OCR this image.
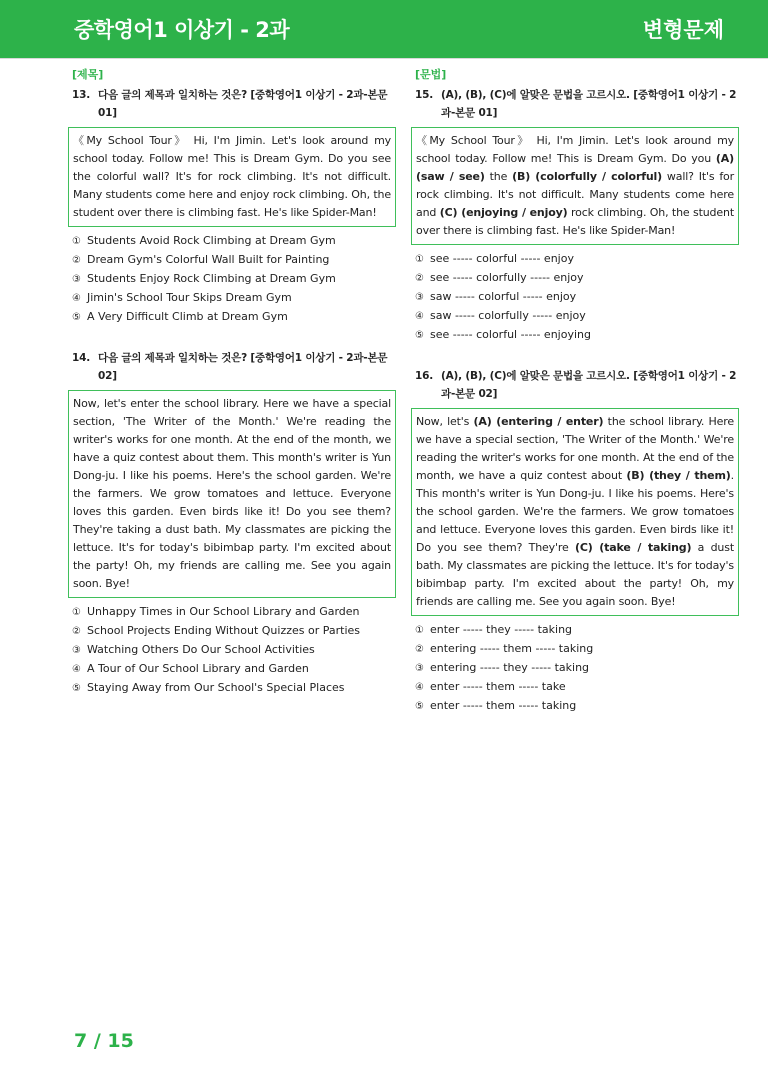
중학영어1 이상기 - 2과	변형문제
[제목]
13. 다음 글의 제목과 일치하는 것은? [중학영어1 이상기 - 2과-본문 01]
《My School Tour》 Hi, I'm Jimin. Let's look around my school today. Follow me! This is Dream Gym. Do you see the colorful wall? It's for rock climbing. It's not difficult. Many students come here and enjoy rock climbing. Oh, the student over there is climbing fast. He's like Spider-Man!
① Students Avoid Rock Climbing at Dream Gym
② Dream Gym's Colorful Wall Built for Painting
③ Students Enjoy Rock Climbing at Dream Gym
④ Jimin's School Tour Skips Dream Gym
⑤ A Very Difficult Climb at Dream Gym
14. 다음 글의 제목과 일치하는 것은? [중학영어1 이상기 - 2과-본문 02]
Now, let's enter the school library. Here we have a special section, 'The Writer of the Month.' We're reading the writer's works for one month. At the end of the month, we have a quiz contest about them. This month's writer is Yun Dong-ju. I like his poems. Here's the school garden. We're the farmers. We grow tomatoes and lettuce. Everyone loves this garden. Even birds like it! Do you see them? They're taking a dust bath. My classmates are picking the lettuce. It's for today's bibimbap party. I'm excited about the party! Oh, my friends are calling me. See you again soon. Bye!
① Unhappy Times in Our School Library and Garden
② School Projects Ending Without Quizzes or Parties
③ Watching Others Do Our School Activities
④ A Tour of Our School Library and Garden
⑤ Staying Away from Our School's Special Places
[문법]
15. (A), (B), (C)에 알맞은 문법을 고르시오. [중학영어1 이상기 - 2과-본문 01]
《My School Tour》 Hi, I'm Jimin. Let's look around my school today. Follow me! This is Dream Gym. Do you (A) (saw / see) the (B) (colorfully / colorful) wall? It's for rock climbing. It's not difficult. Many students come here and (C) (enjoying / enjoy) rock climbing. Oh, the student over there is climbing fast. He's like Spider-Man!
① see ----- colorful ----- enjoy
② see ----- colorfully ----- enjoy
③ saw ----- colorful ----- enjoy
④ saw ----- colorfully ----- enjoy
⑤ see ----- colorful ----- enjoying
16. (A), (B), (C)에 알맞은 문법을 고르시오. [중학영어1 이상기 - 2과-본문 02]
Now, let's (A) (entering / enter) the school library. Here we have a special section, 'The Writer of the Month.' We're reading the writer's works for one month. At the end of the month, we have a quiz contest about (B) (they / them). This month's writer is Yun Dong-ju. I like his poems. Here's the school garden. We're the farmers. We grow tomatoes and lettuce. Everyone loves this garden. Even birds like it! Do you see them? They're (C) (take / taking) a dust bath. My classmates are picking the lettuce. It's for today's bibimbap party. I'm excited about the party! Oh, my friends are calling me. See you again soon. Bye!
① enter ----- they ----- taking
② entering ----- them ----- taking
③ entering ----- they ----- taking
④ enter ----- them ----- take
⑤ enter ----- them ----- taking
7 / 15
